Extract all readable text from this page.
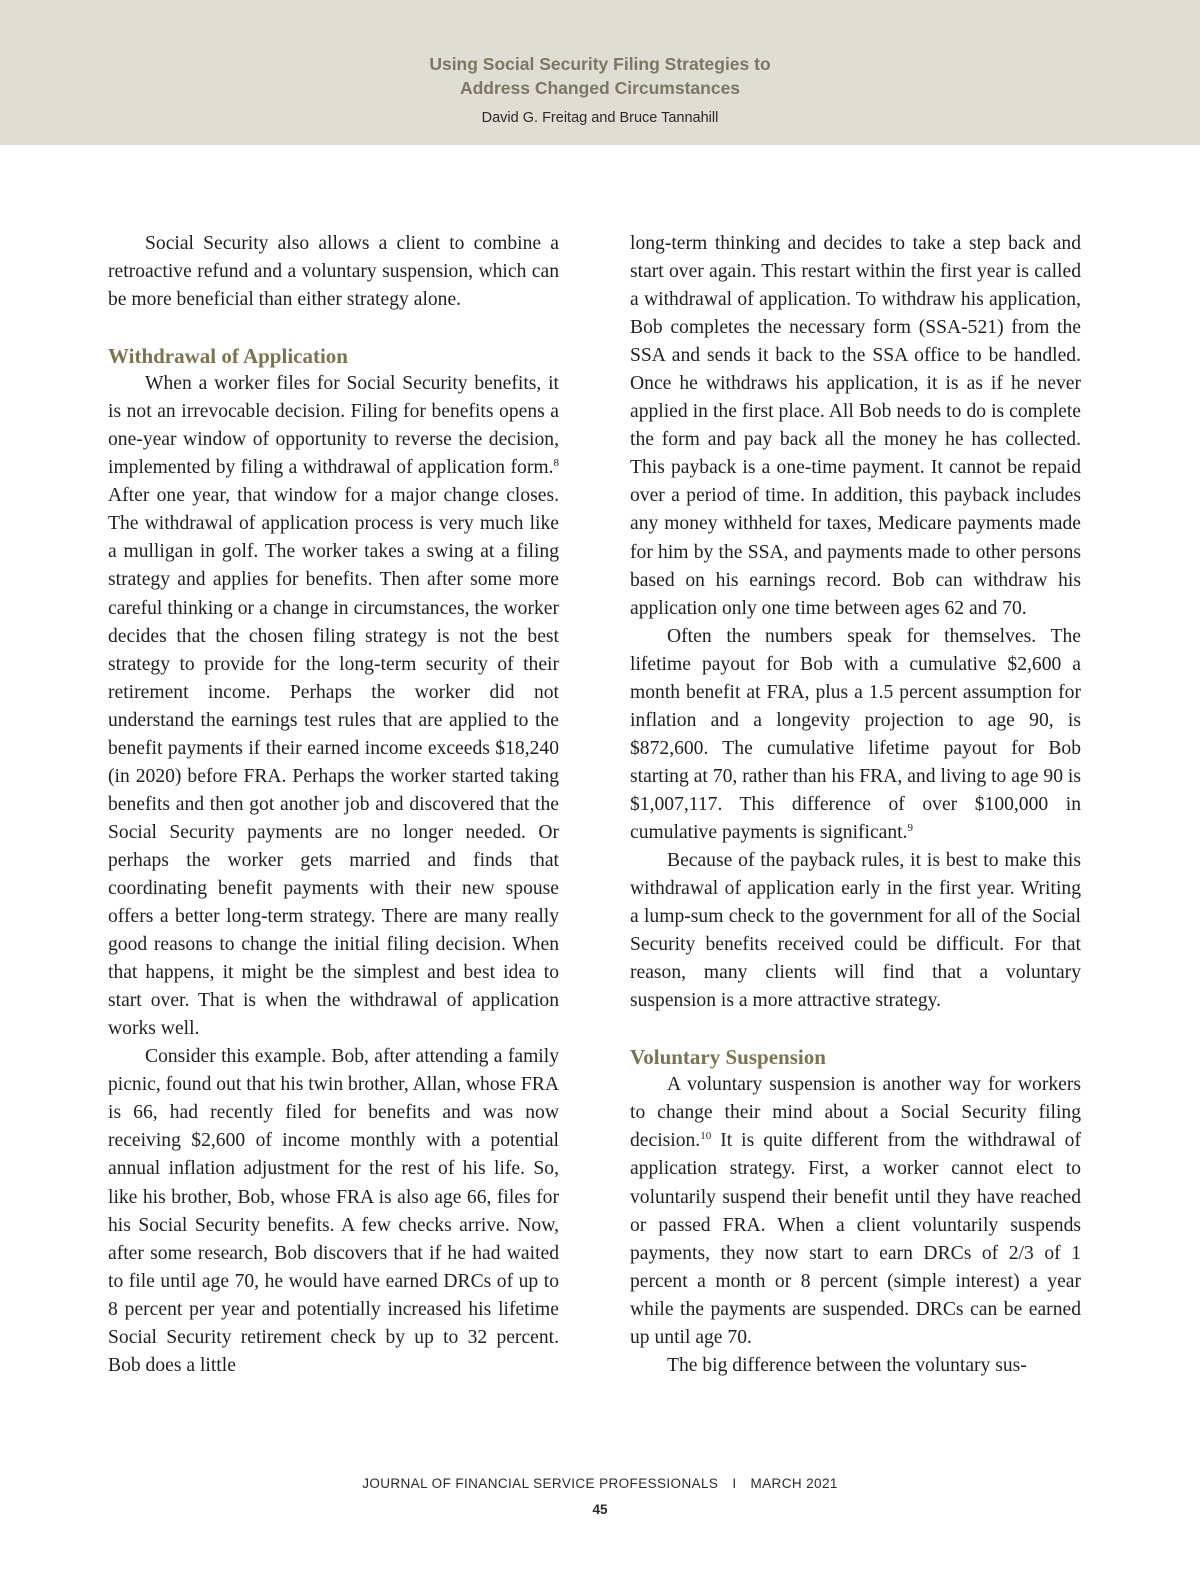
Using Social Security Filing Strategies to
Address Changed Circumstances
David G. Freitag and Bruce Tannahill

Social Security also allows a client to combine a retroactive refund and a voluntary suspension, which can be more beneficial than either strategy alone.

Withdrawal of Application

When a worker files for Social Security benefits, it is not an irrevocable decision. Filing for benefits opens a one-year window of opportunity to reverse the decision, implemented by filing a withdrawal of application form.$^8$ After one year, that window for a major change closes. The withdrawal of application process is very much like a mulligan in golf. The worker takes a swing at a filing strategy and applies for benefits. Then after some more careful thinking or a change in circumstances, the worker decides that the chosen filing strategy is not the best strategy to provide for the long-term security of their retirement income. Perhaps the worker did not understand the earnings test rules that are applied to the benefit payments if their earned income exceeds $18,240 (in 2020) before FRA. Perhaps the worker started taking benefits and then got another job and discovered that the Social Security payments are no longer needed. Or perhaps the worker gets married and finds that coordinating benefit payments with their new spouse offers a better long-term strategy. There are many really good reasons to change the initial filing decision. When that happens, it might be the simplest and best idea to start over. That is when the withdrawal of application works well.

Consider this example. Bob, after attending a family picnic, found out that his twin brother, Allan, whose FRA is 66, had recently filed for benefits and was now receiving $2,600 of income monthly with a potential annual inflation adjustment for the rest of his life. So, like his brother, Bob, whose FRA is also age 66, files for his Social Security benefits. A few checks arrive. Now, after some research, Bob discovers that if he had waited to file until age 70, he would have earned DRCs of up to 8 percent per year and potentially increased his lifetime Social Security retirement check by up to 32 percent. Bob does a little

long-term thinking and decides to take a step back and start over again. This restart within the first year is called a withdrawal of application. To withdraw his application, Bob completes the necessary form (SSA-521) from the SSA and sends it back to the SSA office to be handled. Once he withdraws his application, it is as if he never applied in the first place. All Bob needs to do is complete the form and pay back all the money he has collected. This payback is a one-time payment. It cannot be repaid over a period of time. In addition, this payback includes any money withheld for taxes, Medicare payments made for him by the SSA, and payments made to other persons based on his earnings record. Bob can withdraw his application only one time between ages 62 and 70.

Often the numbers speak for themselves. The lifetime payout for Bob with a cumulative $2,600 a month benefit at FRA, plus a 1.5 percent assumption for inflation and a longevity projection to age 90, is $872,600. The cumulative lifetime payout for Bob starting at 70, rather than his FRA, and living to age 90 is $1,007,117. This difference of over $100,000 in cumulative payments is significant.$^9$

Because of the payback rules, it is best to make this withdrawal of application early in the first year. Writing a lump-sum check to the government for all of the Social Security benefits received could be difficult. For that reason, many clients will find that a voluntary suspension is a more attractive strategy.

Voluntary Suspension

A voluntary suspension is another way for workers to change their mind about a Social Security filing decision.$^{10}$ It is quite different from the withdrawal of application strategy. First, a worker cannot elect to voluntarily suspend their benefit until they have reached or passed FRA. When a client voluntarily suspends payments, they now start to earn DRCs of 2/3 of 1 percent a month or 8 percent (simple interest) a year while the payments are suspended. DRCs can be earned up until age 70.

The big difference between the voluntary sus-

JOURNAL OF FINANCIAL SERVICE PROFESSIONALS I MARCH 2021
45
